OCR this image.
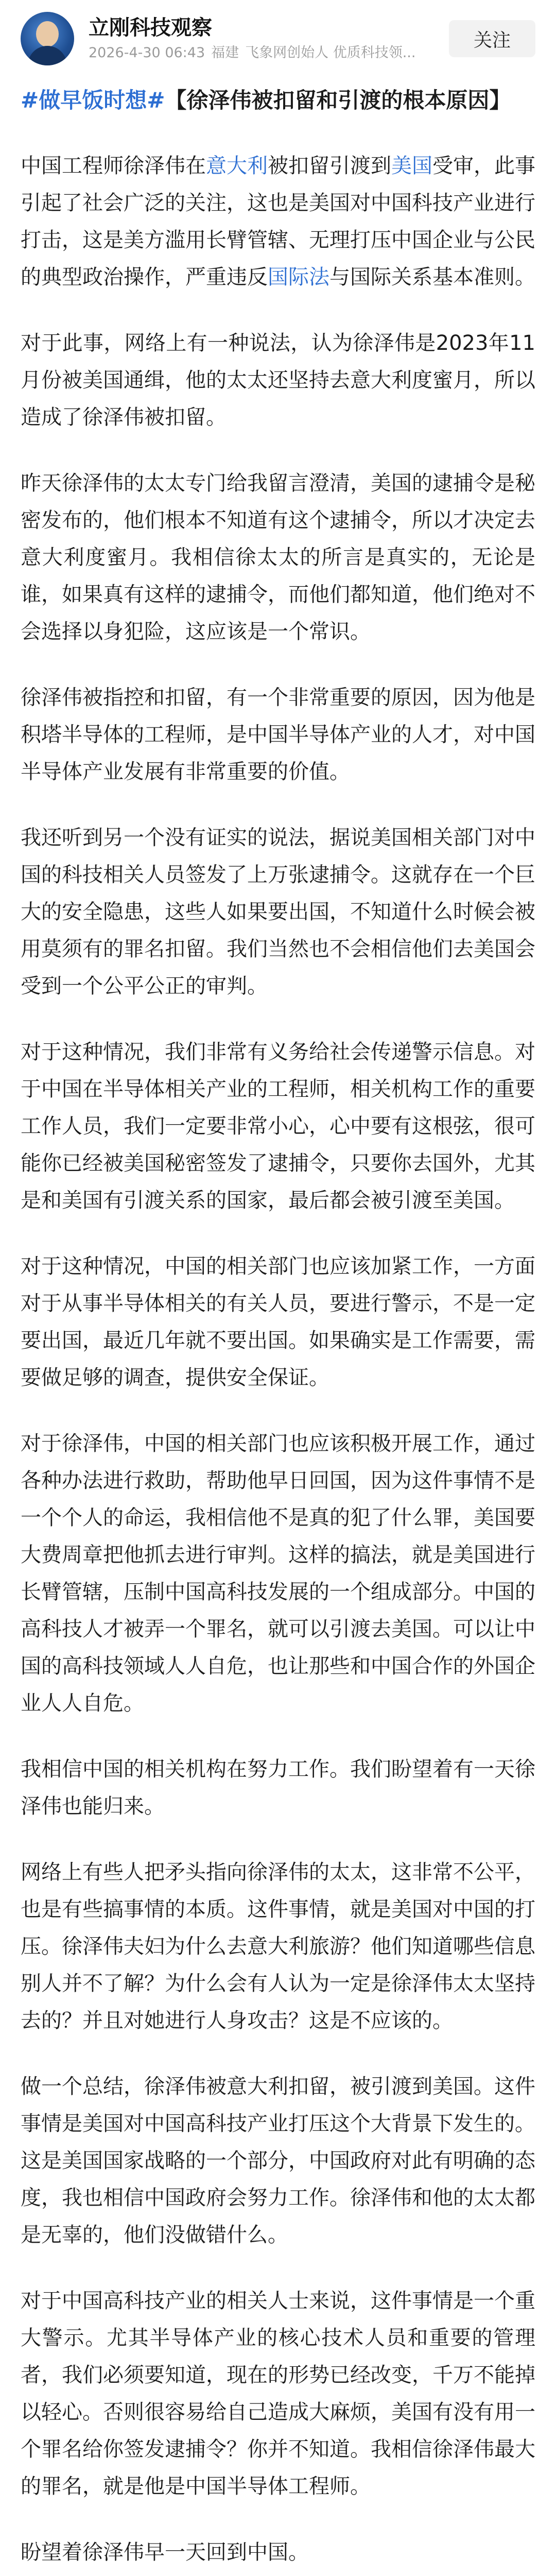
立刚科技观察
2026-4-30 06:43 福建 飞象网创始人 优质科技领...
关注
#做早饭时想#【徐泽伟被扣留和引渡的根本原因】
中国工程师徐泽伟在意大利被扣留引渡到美国受审，此事引起了社会广泛的关注，这也是美国对中国科技产业进行打击，这是美方滥用长臂管辖、无理打压中国企业与公民的典型政治操作，严重违反国际法与国际关系基本准则。
对于此事，网络上有一种说法，认为徐泽伟是2023年11月份被美国通缉，他的太太还坚持去意大利度蜜月，所以造成了徐泽伟被扣留。
昨天徐泽伟的太太专门给我留言澄清，美国的逮捕令是秘密发布的，他们根本不知道有这个逮捕令，所以才决定去意大利度蜜月。我相信徐太太的所言是真实的，无论是谁，如果真有这样的逮捕令，而他们都知道，他们绝对不会选择以身犯险，这应该是一个常识。
徐泽伟被指控和扣留，有一个非常重要的原因，因为他是积塔半导体的工程师，是中国半导体产业的人才，对中国半导体产业发展有非常重要的价值。
我还听到另一个没有证实的说法，据说美国相关部门对中国的科技相关人员签发了上万张逮捕令。这就存在一个巨大的安全隐患，这些人如果要出国，不知道什么时候会被用莫须有的罪名扣留。我们当然也不会相信他们去美国会受到一个公平公正的审判。
对于这种情况，我们非常有义务给社会传递警示信息。对于中国在半导体相关产业的工程师，相关机构工作的重要工作人员，我们一定要非常小心，心中要有这根弦，很可能你已经被美国秘密签发了逮捕令，只要你去国外，尤其是和美国有引渡关系的国家，最后都会被引渡至美国。
对于这种情况，中国的相关部门也应该加紧工作，一方面对于从事半导体相关的有关人员，要进行警示，不是一定要出国，最近几年就不要出国。如果确实是工作需要，需要做足够的调查，提供安全保证。
对于徐泽伟，中国的相关部门也应该积极开展工作，通过各种办法进行救助，帮助他早日回国，因为这件事情不是一个个人的命运，我相信他不是真的犯了什么罪，美国要大费周章把他抓去进行审判。这样的搞法，就是美国进行长臂管辖，压制中国高科技发展的一个组成部分。中国的高科技人才被弄一个罪名，就可以引渡去美国。可以让中国的高科技领域人人自危，也让那些和中国合作的外国企业人人自危。
我相信中国的相关机构在努力工作。我们盼望着有一天徐泽伟也能归来。
网络上有些人把矛头指向徐泽伟的太太，这非常不公平，也是有些搞事情的本质。这件事情，就是美国对中国的打压。徐泽伟夫妇为什么去意大利旅游？他们知道哪些信息别人并不了解？为什么会有人认为一定是徐泽伟太太坚持去的？并且对她进行人身攻击？这是不应该的。
做一个总结，徐泽伟被意大利扣留，被引渡到美国。这件事情是美国对中国高科技产业打压这个大背景下发生的。这是美国国家战略的一个部分，中国政府对此有明确的态度，我也相信中国政府会努力工作。徐泽伟和他的太太都是无辜的，他们没做错什么。
对于中国高科技产业的相关人士来说，这件事情是一个重大警示。尤其半导体产业的核心技术人员和重要的管理者，我们必须要知道，现在的形势已经改变，千万不能掉以轻心。否则很容易给自己造成大麻烦，美国有没有用一个罪名给你签发逮捕令？你并不知道。我相信徐泽伟最大的罪名，就是他是中国半导体工程师。
盼望着徐泽伟早一天回到中国。
